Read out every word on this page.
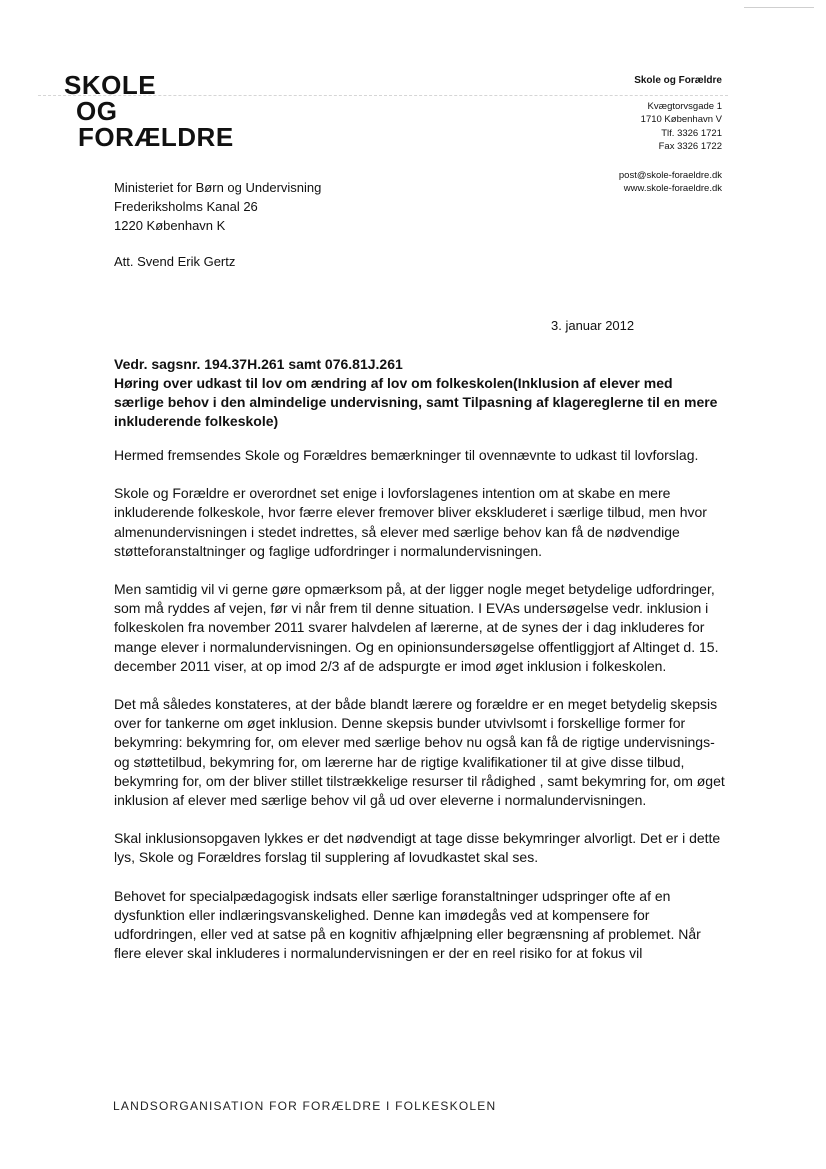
SKOLE
OG
FORÆLDRE
Skole og Forældre
Kvægtorvsgade 1
1710 København V
Tlf. 3326 1721
Fax 3326 1722
post@skole-foraeldre.dk
www.skole-foraeldre.dk
Ministeriet for Børn og Undervisning
Frederiksholms Kanal 26
1220 København K
Att. Svend Erik Gertz
3. januar 2012
Vedr. sagsnr. 194.37H.261 samt 076.81J.261
Høring over udkast til lov om ændring af lov om folkeskolen(Inklusion af elever med særlige behov i den almindelige undervisning, samt Tilpasning af klagereglerne til en mere inkluderende folkeskole)

Hermed fremsendes Skole og Forældres bemærkninger til ovennævnte to udkast til lovforslag.

Skole og Forældre er overordnet set enige i lovforslagenes intention om at skabe en mere inkluderende folkeskole, hvor færre elever fremover bliver ekskluderet i særlige tilbud, men hvor almenundervisningen i stedet indrettes, så elever med særlige behov kan få de nødvendige støtteforanstaltninger og faglige udfordringer i normalundervisningen.

Men samtidig vil vi gerne gøre opmærksom på, at der ligger nogle meget betydelige udfordringer, som må ryddes af vejen, før vi når frem til denne situation. I EVAs undersøgelse vedr. inklusion i folkeskolen fra november 2011 svarer halvdelen af lærerne, at de synes der i dag inkluderes for mange elever i normalundervisningen. Og en opinionsundersøgelse offentliggjort af Altinget d. 15. december 2011 viser, at op imod 2/3 af de adspurgte er imod øget inklusion i folkeskolen.

Det må således konstateres, at der både blandt lærere og forældre er en meget betydelig skepsis over for tankerne om øget inklusion. Denne skepsis bunder utvivlsomt i forskellige former for bekymring: bekymring for, om elever med særlige behov nu også kan få de rigtige undervisnings- og støttetilbud, bekymring for, om lærerne har de rigtige kvalifikationer til at give disse tilbud, bekymring for, om der bliver stillet tilstrækkelige resurser til rådighed , samt bekymring for, om øget inklusion af elever med særlige behov vil gå ud over eleverne i normalundervisningen.

Skal inklusionsopgaven lykkes er det nødvendigt at tage disse bekymringer alvorligt. Det er i dette lys, Skole og Forældres forslag til supplering af lovudkastet skal ses.

Behovet for specialpædagogisk indsats eller særlige foranstaltninger udspringer ofte af en dysfunktion eller indlæringsvanskelighed. Denne kan imødegås ved at kompensere for udfordringen, eller ved at satse på en kognitiv afhjælpning eller begrænsning af problemet. Når flere elever skal inkluderes i normalundervisningen er der en reel risiko for at fokus vil

LANDSORGANISATION FOR FORÆLDRE I FOLKESKOLEN
